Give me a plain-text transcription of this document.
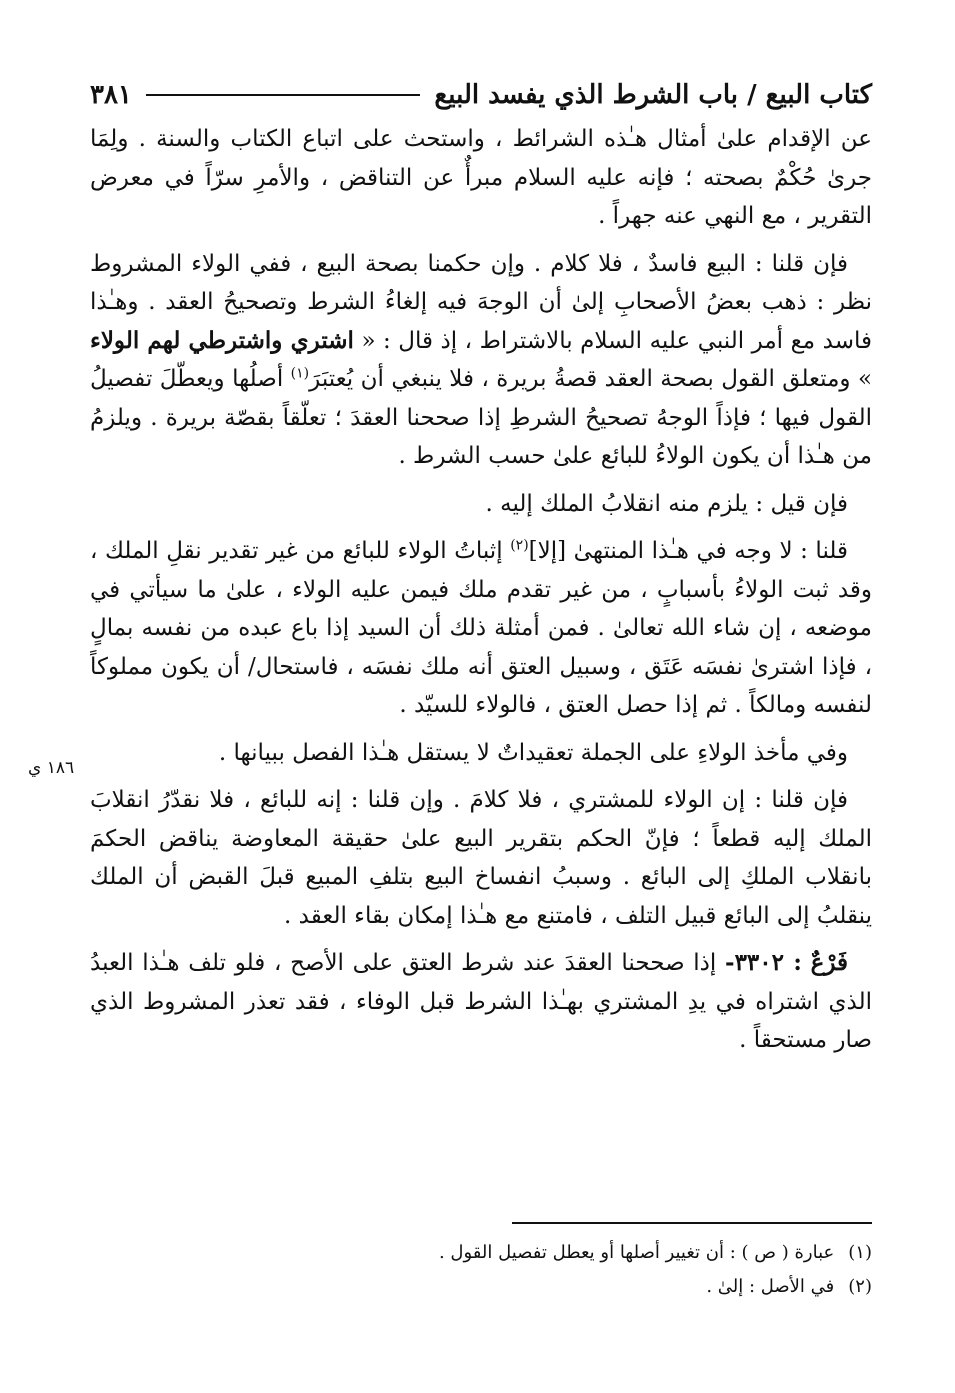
كتاب البيع / باب الشرط الذي يفسد البيع
٣٨١

عن الإقدام علىٰ أمثال هـٰذه الشرائط ، واستحث على اتباع الكتاب والسنة . ولِمَا جرىٰ حُكْمٌ بصحته ؛ فإنه عليه السلام مبرأٌ عن التناقض ، والأمرِ سرّاً في معرض التقرير ، مع النهي عنه جهراً .

فإن قلنا : البيع فاسدٌ ، فلا كلام . وإن حكمنا بصحة البيع ، ففي الولاء المشروط نظر : ذهب بعضُ الأصحابِ إلىٰ أن الوجهَ فيه إلغاءُ الشرط وتصحيحُ العقد . وهـٰذا فاسد مع أمر النبي عليه السلام بالاشتراط ، إذ قال : « اشتري واشترطي لهم الولاء » ومتعلق القول بصحة العقد قصةُ بريرة ، فلا ينبغي أن يُعتبَرَ$^{(١)}$ أصلُها ويعطّلَ تفصيلُ القول فيها ؛ فإذاً الوجهُ تصحيحُ الشرطِ إذا صححنا العقدَ ؛ تعلّقاً بقصّة بريرة . ويلزمُ من هـٰذا أن يكون الولاءُ للبائع علىٰ حسب الشرط .

فإن قيل : يلزم منه انقلابُ الملك إليه .

قلنا : لا وجه في هـٰذا المنتهىٰ [إلا]$^{(٢)}$ إثباتُ الولاء للبائع من غير تقدير نقلِ الملك ، وقد ثبت الولاءُ بأسبابٍ ، من غير تقدم ملك فيمن عليه الولاء ، علىٰ ما سيأتي في موضعه ، إن شاء الله تعالىٰ . فمن أمثلة ذلك أن السيد إذا باع عبده من نفسه بمالٍ ، فإذا اشترىٰ نفسَه عَتَق ، وسبيل العتق أنه ملك نفسَه ، فاستحال/ أن يكون مملوكاً لنفسه ومالكاً . ثم إذا حصل العتق ، فالولاء للسيّد .

وفي مأخذ الولاءِ على الجملة تعقيداتٌ لا يستقل هـٰذا الفصل ببيانها .

فإن قلنا : إن الولاء للمشتري ، فلا كلامَ . وإن قلنا : إنه للبائع ، فلا نقدّرُ انقلابَ الملك إليه قطعاً ؛ فإنّ الحكم بتقرير البيع علىٰ حقيقة المعاوضة يناقض الحكمَ بانقلاب الملكِ إلى البائع . وسببُ انفساخ البيع بتلفِ المبيع قبلَ القبض أن الملك ينقلبُ إلى البائع قبيل التلف ، فامتنع مع هـٰذا إمكان بقاء العقد .

فَرْعٌ : ٣٣٠٢- إذا صححنا العقدَ عند شرط العتق على الأصح ، فلو تلف هـٰذا العبدُ الذي اشتراه في يدِ المشتري بهـٰذا الشرط قبل الوفاء ، فقد تعذر المشروط الذي صار مستحقاً .

١٨٦ ي
(١)
عبارة ( ص ) : أن تغيير أصلها أو يعطل تفصيل القول .
(٢)
في الأصل : إلىٰ .
